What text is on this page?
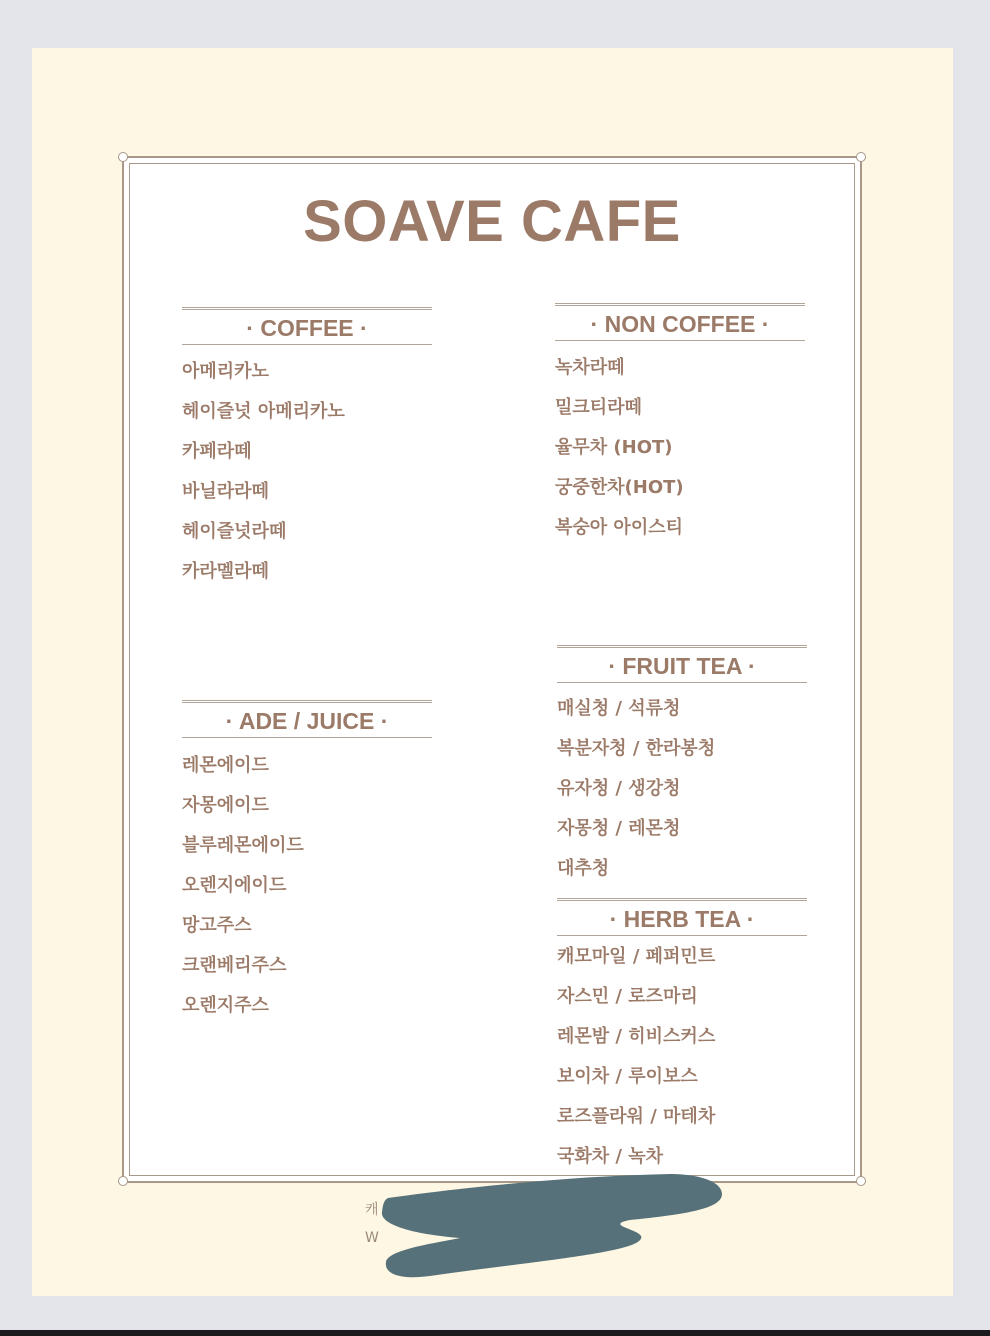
SOAVE CAFE
· COFFEE ·
아메리카노
헤이즐넛 아메리카노
카페라떼
바닐라라떼
헤이즐넛라떼
카라멜라떼
· NON COFFEE ·
녹차라떼
밀크티라떼
율무차 (HOT)
궁중한차(HOT)
복숭아 아이스티
· ADE / JUICE ·
레몬에이드
자몽에이드
블루레몬에이드
오렌지에이드
망고주스
크랜베리주스
오렌지주스
· FRUIT TEA ·
매실청 / 석류청
복분자청 / 한라봉청
유자청 / 생강청
자몽청 / 레몬청
대추청
· HERB TEA ·
캐모마일 / 페퍼민트
자스민 / 로즈마리
레몬밤 / 히비스커스
보이차 / 루이보스
로즈플라워 / 마테차
국화차 / 녹차
캐
W
